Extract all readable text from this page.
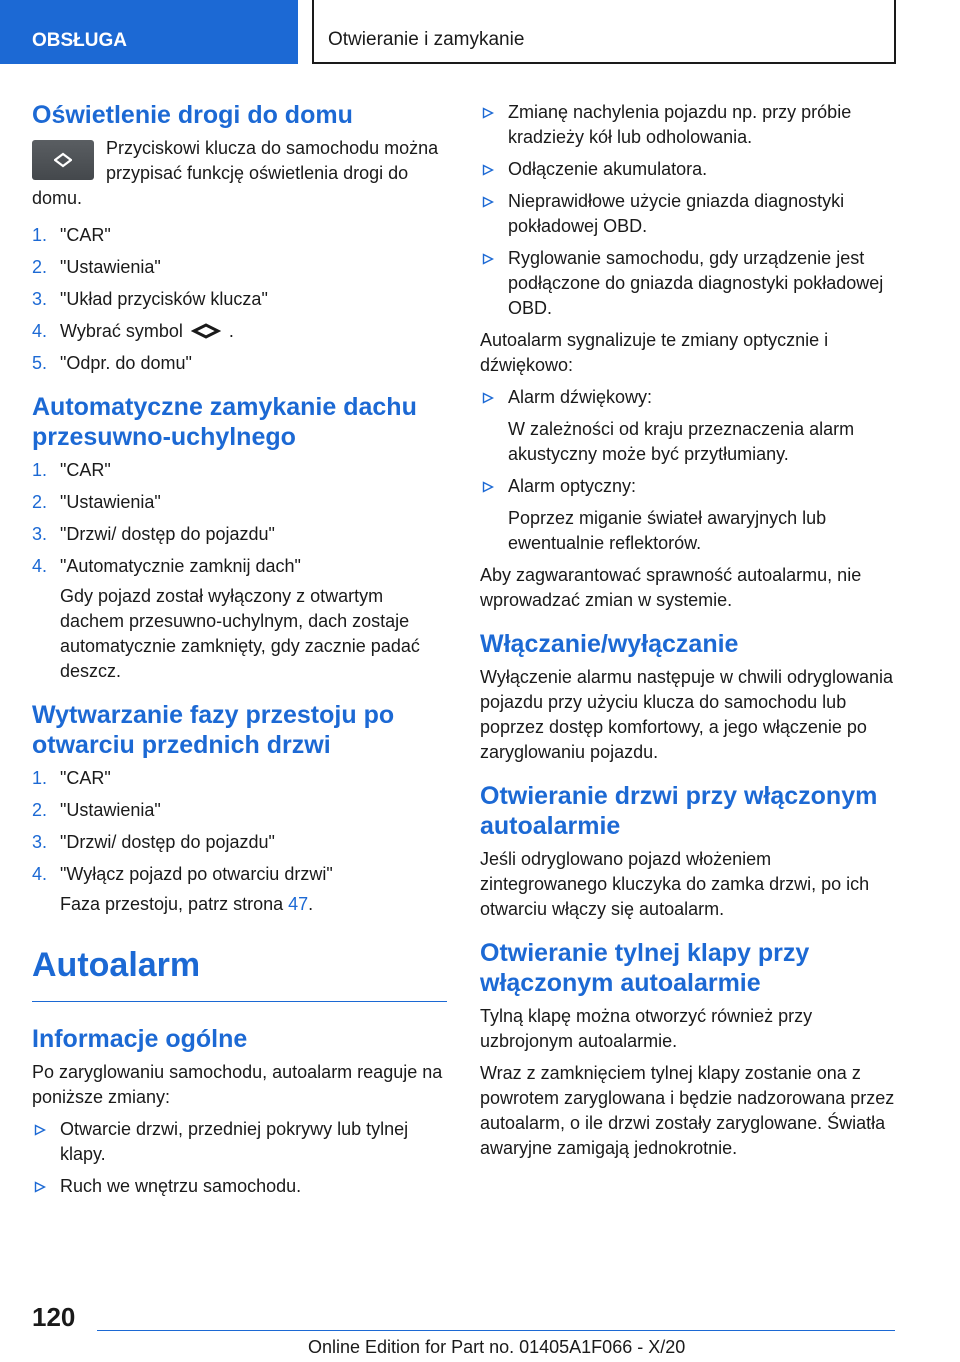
OBSŁUGA	Otwieranie i zamykanie
Oświetlenie drogi do domu
Przyciskowi klucza do samochodu można przypisać funkcję oświetlenia drogi do domu.
1. "CAR"
2. "Ustawienia"
3. "Układ przycisków klucza"
4. Wybrać symbol	.
5. "Odpr. do domu"
Automatyczne zamykanie dachu przesuwno-uchylnego
1. "CAR"
2. "Ustawienia"
3. "Drzwi/ dostęp do pojazdu"
4. "Automatycznie zamknij dach"
Gdy pojazd został wyłączony z otwartym dachem przesuwno-uchylnym, dach zostaje automatycznie zamknięty, gdy zacznie padać deszcz.
Wytwarzanie fazy przestoju po otwarciu przednich drzwi
1. "CAR"
2. "Ustawienia"
3. "Drzwi/ dostęp do pojazdu"
4. "Wyłącz pojazd po otwarciu drzwi"
Faza przestoju, patrz strona 47.
Autoalarm
Informacje ogólne

Po zaryglowaniu samochodu, autoalarm reaguje na poniższe zmiany:

Otwarcie drzwi, przedniej pokrywy lub tylnej klapy.
Ruch we wnętrzu samochodu.
Zmianę nachylenia pojazdu np. przy próbie kradzieży kół lub odholowania.
Odłączenie akumulatora.
Nieprawidłowe użycie gniazda diagnostyki pokładowej OBD.
Ryglowanie samochodu, gdy urządzenie jest podłączone do gniazda diagnostyki pokładowej OBD.

Autoalarm sygnalizuje te zmiany optycznie i dźwiękowo:

Alarm dźwiękowy:
W zależności od kraju przeznaczenia alarm akustyczny może być przytłumiany.
Alarm optyczny:
Poprzez miganie świateł awaryjnych lub ewentualnie reflektorów.

Aby zagwarantować sprawność autoalarmu, nie wprowadzać zmian w systemie.

Włączanie/wyłączanie

Wyłączenie alarmu następuje w chwili odryglowania pojazdu przy użyciu klucza do samochodu lub poprzez dostęp komfortowy, a jego włączenie po zaryglowaniu pojazdu.

Otwieranie drzwi przy włączonym autoalarmie

Jeśli odryglowano pojazd włożeniem zintegrowanego kluczyka do zamka drzwi, po ich otwarciu włączy się autoalarm.

Otwieranie tylnej klapy przy włączonym autoalarmie

Tylną klapę można otworzyć również przy uzbrojonym autoalarmie.

Wraz z zamknięciem tylnej klapy zostanie ona z powrotem zaryglowana i będzie nadzorowana przez autoalarm, o ile drzwi zostały zaryglowane. Światła awaryjne zamigają jednokrotnie.

120
Online Edition for Part no. 01405A1F066 - X/20
